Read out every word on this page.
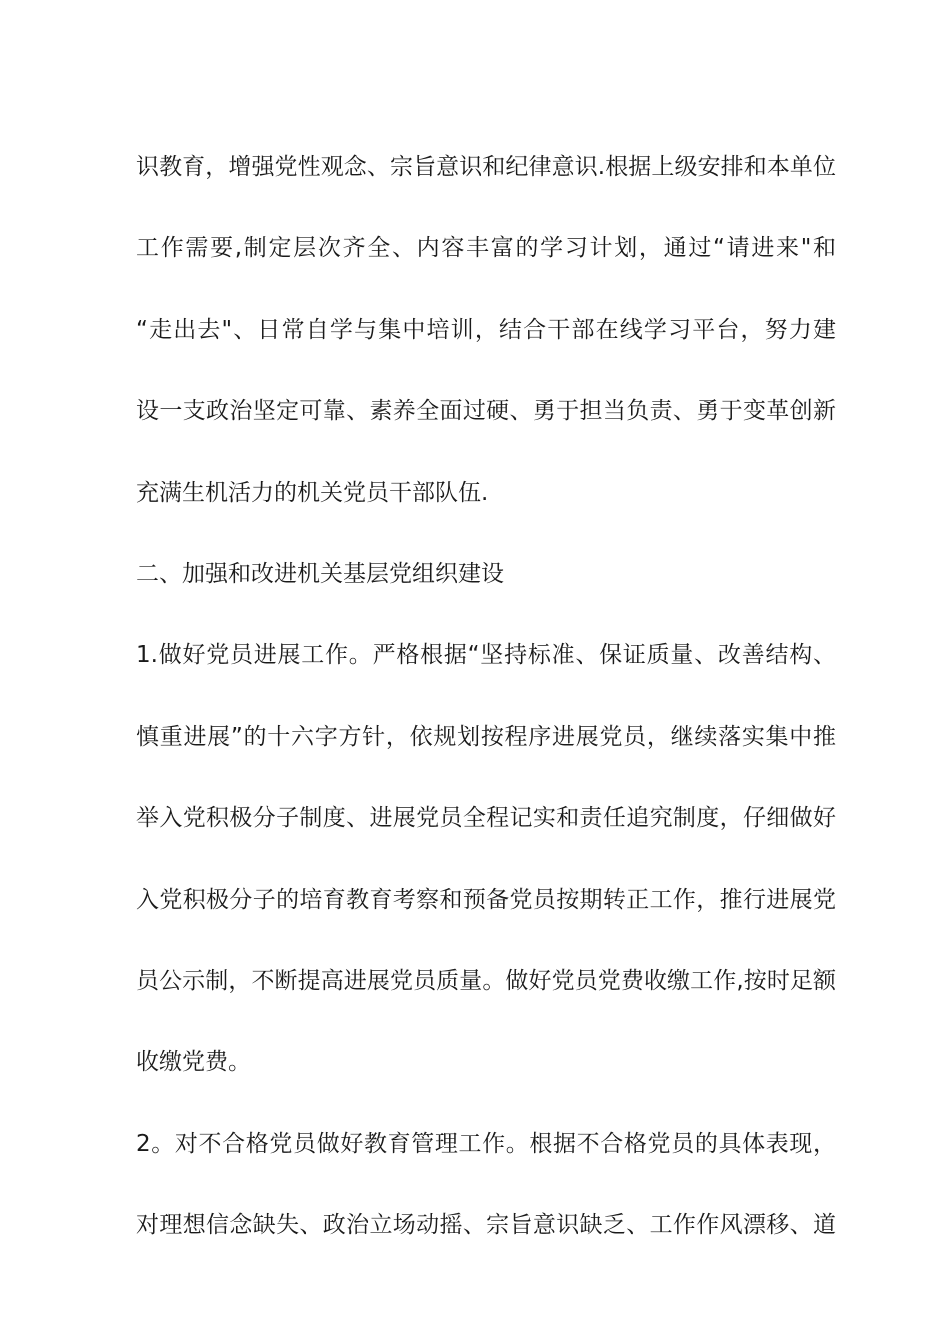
识教育，增强党性观念、宗旨意识和纪律意识.根据上级安排和本单位
工作需要,制定层次齐全、内容丰富的学习计划，通过“请进来"和
“走出去"、日常自学与集中培训，结合干部在线学习平台，努力建
设一支政治坚定可靠、素养全面过硬、勇于担当负责、勇于变革创新
充满生机活力的机关党员干部队伍.
二、加强和改进机关基层党组织建设
1.做好党员进展工作。严格根据“坚持标准、保证质量、改善结构、
慎重进展”的十六字方针，依规划按程序进展党员，继续落实集中推
举入党积极分子制度、进展党员全程记实和责任追究制度，仔细做好
入党积极分子的培育教育考察和预备党员按期转正工作，推行进展党
员公示制，不断提高进展党员质量。做好党员党费收缴工作,按时足额
收缴党费。
2。对不合格党员做好教育管理工作。根据不合格党员的具体表现，
对理想信念缺失、政治立场动摇、宗旨意识缺乏、工作作风漂移、道
